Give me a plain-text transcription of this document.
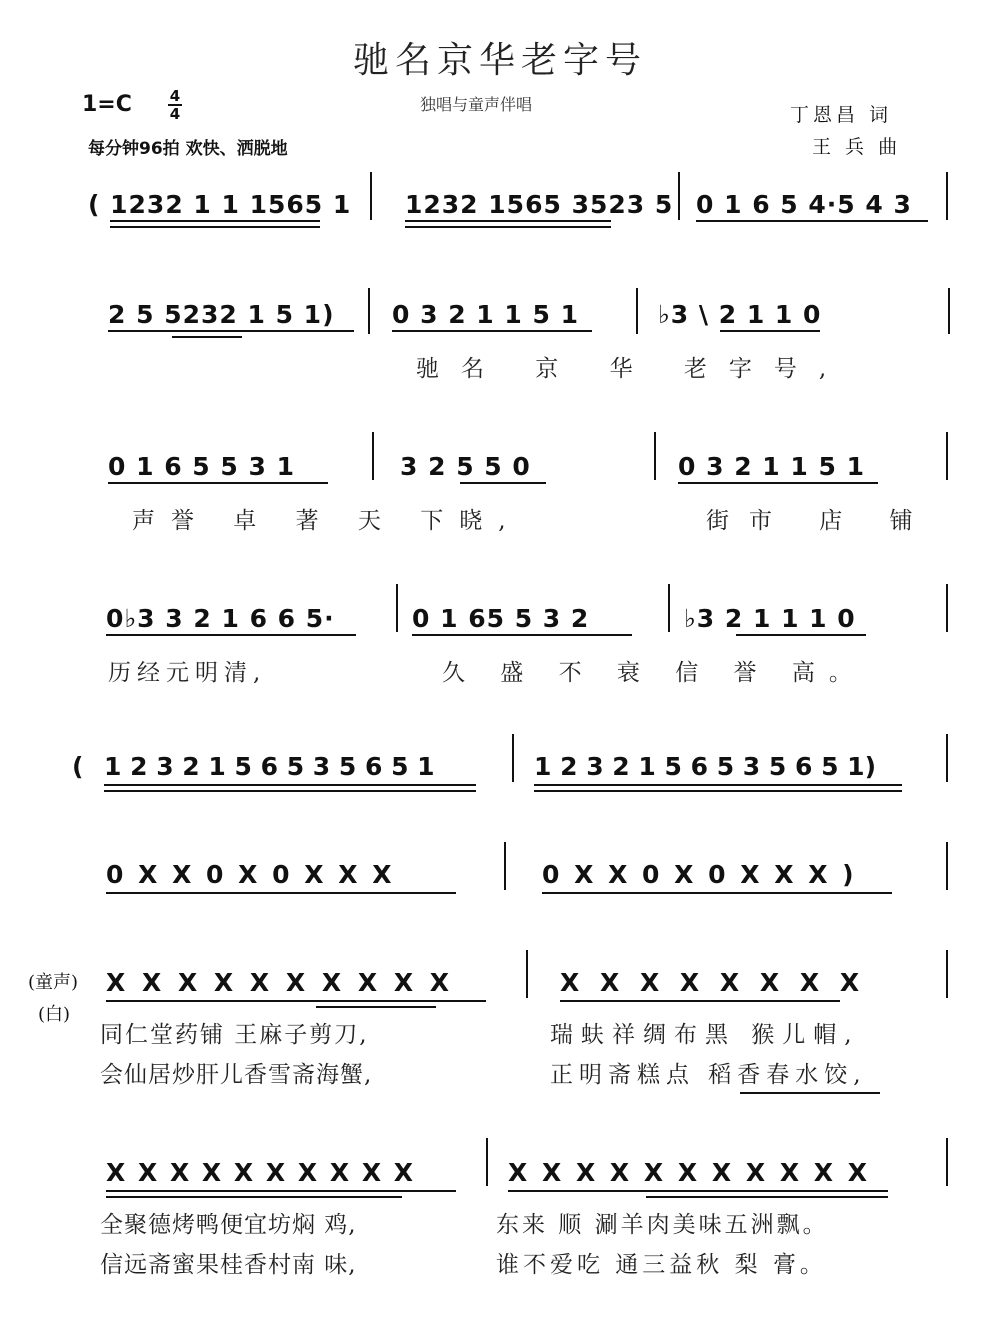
驰名京华老字号
独唱与童声伴唱
1=C	4
4
每分钟96拍 欢快、洒脱地
丁恩昌 词
王 兵 曲
( 1232 1 1 1565 1 1232 1565 3523 5 0 1 6 5 4·5 4 3
2 5 5232 1 5 1) 0 3 2 1 1 5 1	♭3 \ 2 1 1 0
驰名 京 华 老字号,
0 1 6 5 5 3 1	3 2 5 5 0	0 3 2 1 1 5 1
声誉 卓 著 天 下晓,	街市 店 铺
0♭3 3 2 1 6 6 5·	0 1 65 5 3 2	♭3 2 1 1 1 0
历经元明清,	久 盛 不 衰 信 誉 高。
( 1 2 3 2 1 5 6 5 3 5 6 5 1	1 2 3 2 1 5 6 5 3 5 6 5 1)
0 X X 0 X 0 X X X	0 X X 0 X 0 X X X )
(童声)
(白)
X X X X X X X X X X	X X X X X X X X
同仁堂药铺 王麻子剪刀,	瑞蚨祥绸布黑 猴儿帽,
会仙居炒肝儿香雪斋海蟹,	正明斋糕点 稻香春水饺,
X X X X X X X X X X	X X X X X X X X X X X
全聚德烤鸭便宜坊焖 鸡,	东来 顺 涮羊肉美味五洲飘。
信远斋蜜果桂香村南 味,	谁不爱吃 通三益秋 梨 膏。
